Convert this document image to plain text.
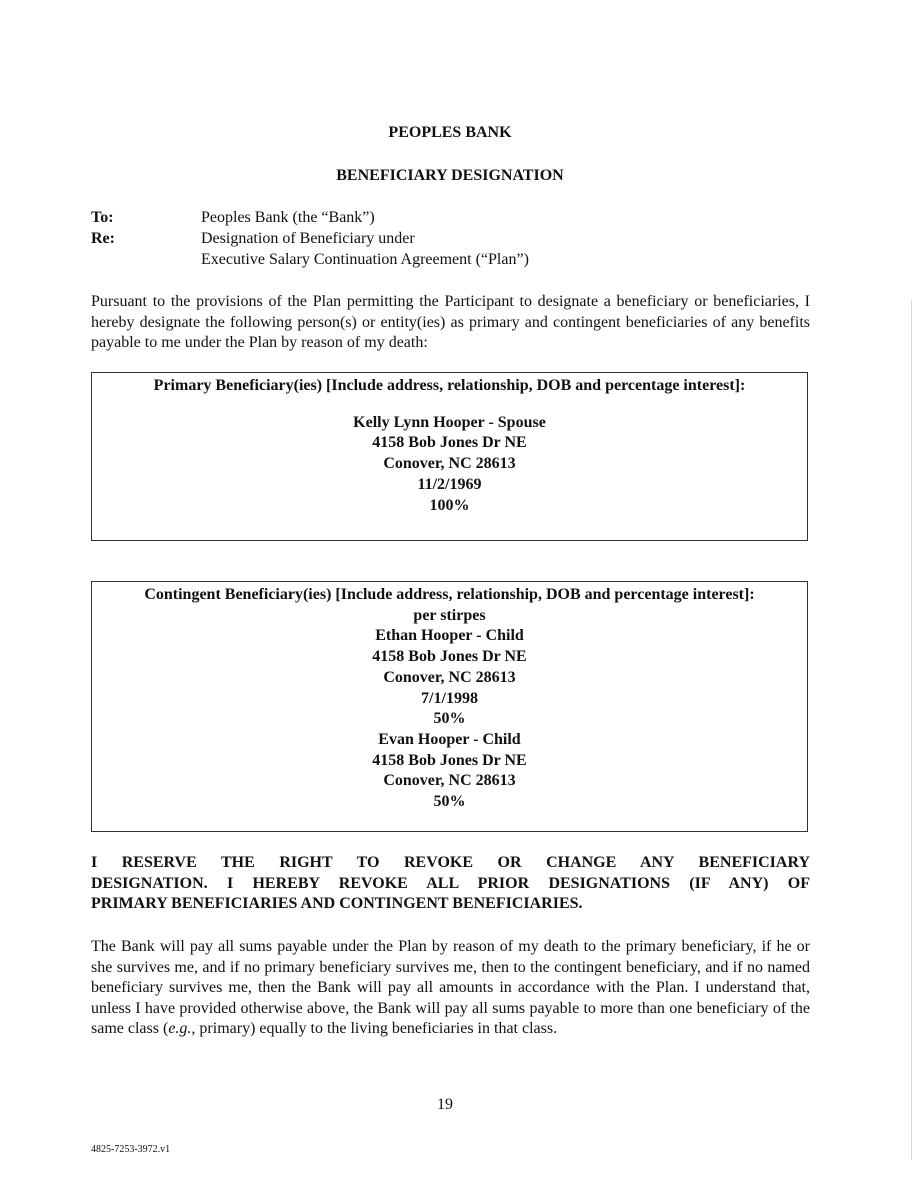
PEOPLES BANK
BENEFICIARY DESIGNATION
To:	Peoples Bank (the “Bank”)
Re:	Designation of Beneficiary under
Executive Salary Continuation Agreement (“Plan”)
Pursuant to the provisions of the Plan permitting the Participant to designate a beneficiary or beneficiaries, I hereby designate the following person(s) or entity(ies) as primary and contingent beneficiaries of any benefits payable to me under the Plan by reason of my death:
Primary Beneficiary(ies) [Include address, relationship, DOB and percentage interest]:
Kelly Lynn Hooper - Spouse
4158 Bob Jones Dr NE
Conover, NC 28613
11/2/1969
100%
Contingent Beneficiary(ies) [Include address, relationship, DOB and percentage interest]:
per stirpes
Ethan Hooper - Child
4158 Bob Jones Dr NE
Conover, NC 28613
7/1/1998
50%
Evan Hooper - Child
4158 Bob Jones Dr NE
Conover, NC 28613
50%
I RESERVE THE RIGHT TO REVOKE OR CHANGE ANY BENEFICIARY
DESIGNATION. I HEREBY REVOKE ALL PRIOR DESIGNATIONS (IF ANY) OF
PRIMARY BENEFICIARIES AND CONTINGENT BENEFICIARIES.
The Bank will pay all sums payable under the Plan by reason of my death to the primary beneficiary, if he or she survives me, and if no primary beneficiary survives me, then to the contingent beneficiary, and if no named beneficiary survives me, then the Bank will pay all amounts in accordance with the Plan. I understand that, unless I have provided otherwise above, the Bank will pay all sums payable to more than one beneficiary of the same class (e.g., primary) equally to the living beneficiaries in that class.
19
4825-7253-3972.v1
